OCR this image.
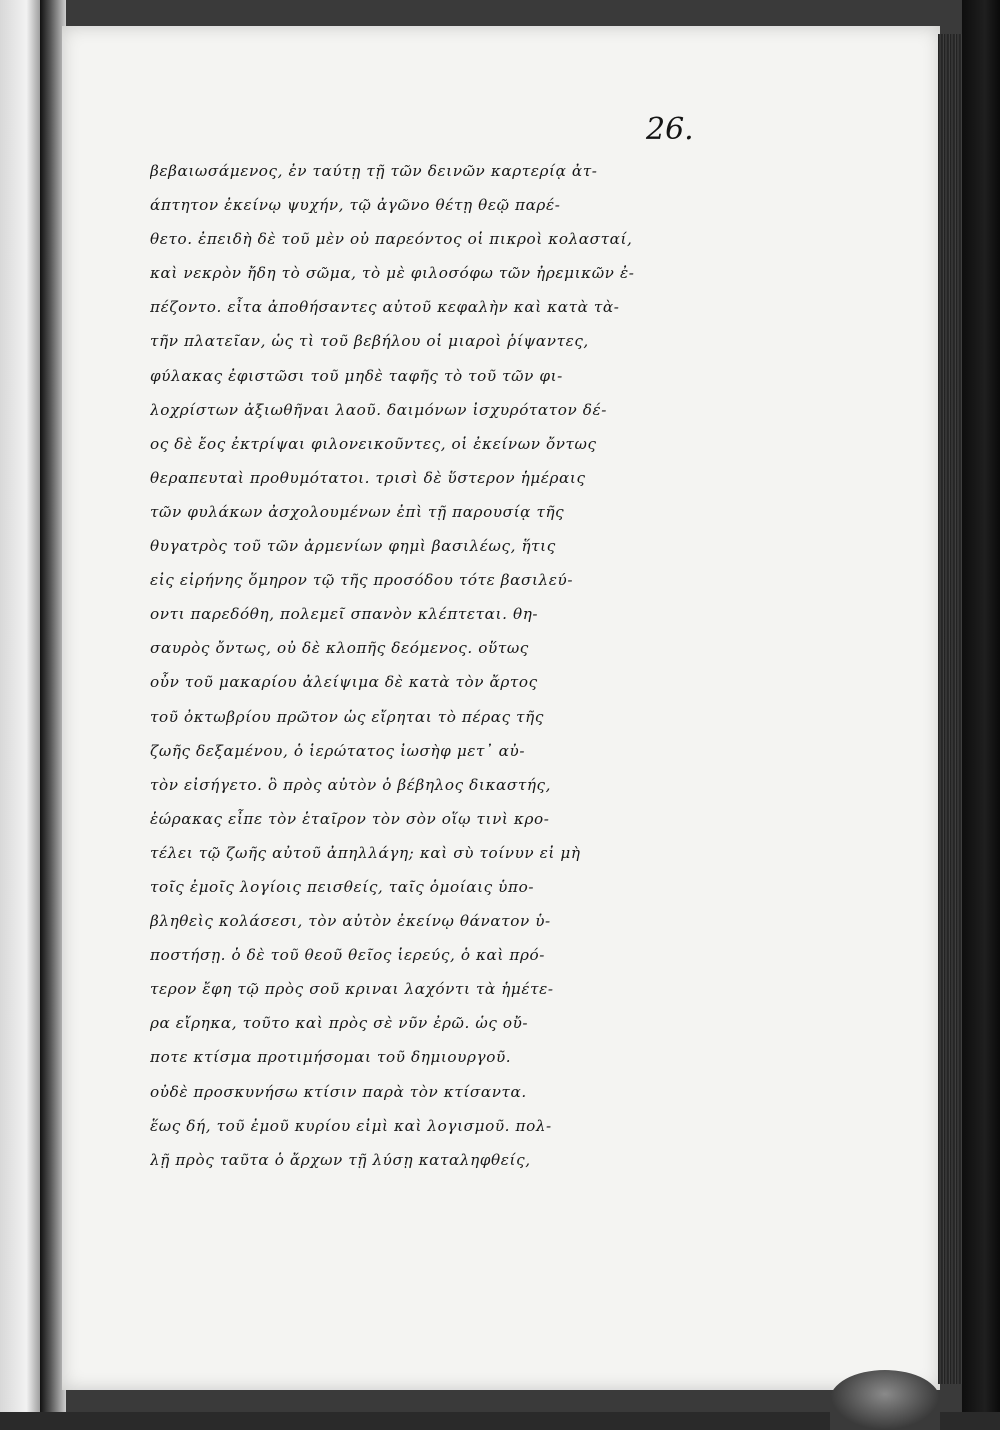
26.
βεβαιωσάμενος, ἐν ταύτῃ τῇ τῶν δεινῶν καρτερίᾳ ἀτ-
άπτητον ἐκείνῳ ψυχήν, τῷ ἀγῶνο θέτῃ θεῷ παρέ-
θετο. ἐπειδὴ δὲ τοῦ μὲν οὐ παρεόντος οἱ πικροὶ κολασταί,
καὶ νεκρὸν ἤδη τὸ σῶμα, τὸ μὲ φιλοσόφω τῶν ἠρεμικῶν ἐ-
πέζοντο. εἶτα ἀποθήσαντες αὐτοῦ κεφαλὴν καὶ κατὰ τὰ-
τῆν πλατεῖαν, ὡς τὶ τοῦ βεβήλου οἱ μιαροὶ ῥίψαντες,
φύλακας ἐφιστῶσι τοῦ μηδὲ ταφῆς τὸ τοῦ τῶν φι-
λοχρίστων ἀξιωθῆναι λαοῦ. δαιμόνων ἰσχυρότατον δέ-
ος δὲ ἔος ἐκτρίψαι φιλονεικοῦντες, οἱ ἐκείνων ὄντως
θεραπευταὶ προθυμότατοι. τρισὶ δὲ ὕστερον ἡμέραις
τῶν φυλάκων ἀσχολουμένων ἐπὶ τῇ παρουσίᾳ τῆς
θυγατρὸς τοῦ τῶν ἀρμενίων φημὶ βασιλέως, ἥτις
εἰς εἰρήνης ὅμηρον τῷ τῆς προσόδου τότε βασιλεύ-
οντι παρεδόθη, πολεμεῖ σπανὸν κλέπτεται. θη-
σαυρὸς ὄντως, οὐ δὲ κλοπῆς δεόμενος. οὕτως
οὖν τοῦ μακαρίου ἀλείψιμα δὲ κατὰ τὸν ἄρτος
τοῦ ὀκτωβρίου πρῶτον ὡς εἴρηται τὸ πέρας τῆς
ζωῆς δεξαμένου, ὁ ἱερώτατος ἰωσὴφ μετ᾽ αὐ-
τὸν εἰσήγετο. ὃ πρὸς αὐτὸν ὁ βέβηλος δικαστής,
ἑώρακας εἶπε τὸν ἑταῖρον τὸν σὸν οἵῳ τινὶ κρο-
τέλει τῷ ζωῆς αὐτοῦ ἀπηλλάγη; καὶ σὺ τοίνυν εἰ μὴ
τοῖς ἐμοῖς λογίοις πεισθείς, ταῖς ὁμοίαις ὑπο-
βληθεὶς κολάσεσι, τὸν αὐτὸν ἐκείνῳ θάνατον ὑ-
ποστήσῃ. ὁ δὲ τοῦ θεοῦ θεῖος ἱερεύς, ὁ καὶ πρό-
τερον ἔφη τῷ πρὸς σοῦ κριναι λαχόντι τὰ ἡμέτε-
ρα εἴρηκα, τοῦτο καὶ πρὸς σὲ νῦν ἐρῶ. ὡς οὔ-
ποτε κτίσμα προτιμήσομαι τοῦ δημιουργοῦ.
οὐδὲ προσκυνήσω κτίσιν παρὰ τὸν κτίσαντα.
ἕως δή, τοῦ ἐμοῦ κυρίου εἰμὶ καὶ λογισμοῦ. πολ-
λῇ πρὸς ταῦτα ὁ ἄρχων τῇ λύσῃ καταληφθείς,
